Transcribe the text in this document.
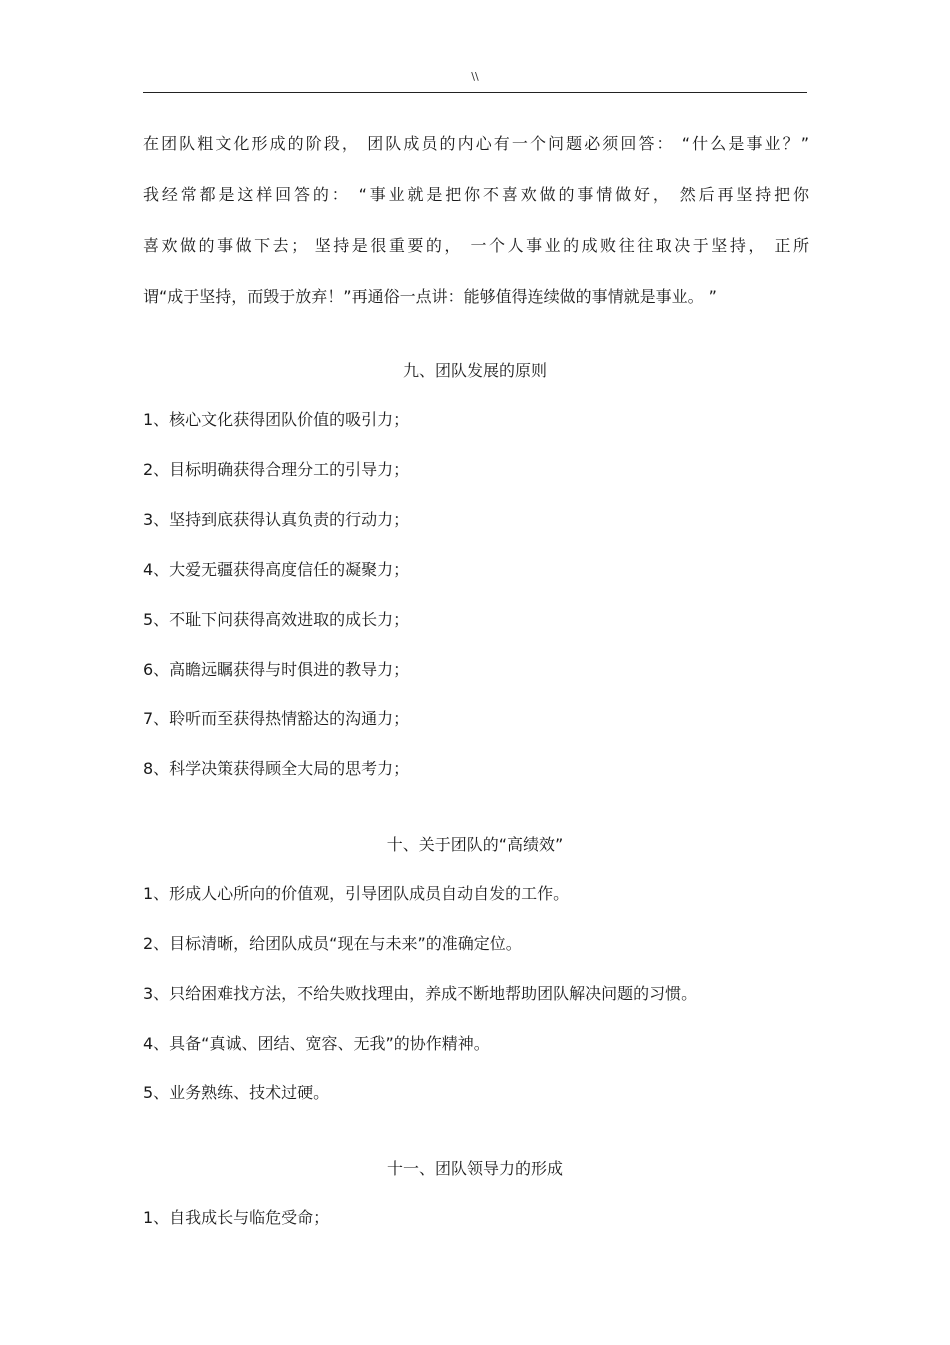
\\
在团队粗文化形成的阶段， 团队成员的内心有一个问题必须回答： “什么是事业？”
我经常都是这样回答的： “事业就是把你不喜欢做的事情做好， 然后再坚持把你
喜欢做的事做下去； 坚持是很重要的， 一个人事业的成败往往取决于坚持， 正所
谓“成于坚持，而毁于放弃！”再通俗一点讲：能够值得连续做的事情就是事业。 ”
九、团队发展的原则
1、核心文化获得团队价值的吸引力；
2、目标明确获得合理分工的引导力；
3、坚持到底获得认真负责的行动力；
4、大爱无疆获得高度信任的凝聚力；
5、不耻下问获得高效进取的成长力；
6、高瞻远瞩获得与时俱进的教导力；
7、聆听而至获得热情豁达的沟通力；
8、科学决策获得顾全大局的思考力；
十、关于团队的“高绩效”
1、形成人心所向的价值观，引导团队成员自动自发的工作。
2、目标清晰，给团队成员“现在与未来”的准确定位。
3、只给困难找方法，不给失败找理由，养成不断地帮助团队解决问题的习惯。
4、具备“真诚、团结、宽容、无我”的协作精神。
5、业务熟练、技术过硬。
十一、团队领导力的形成
1、自我成长与临危受命；
